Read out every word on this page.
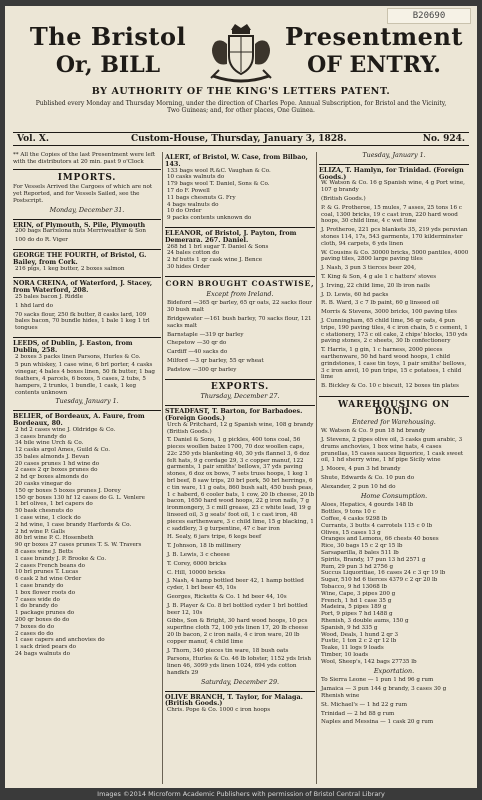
B20690
The Bristol	Presentment
Or, BILL	OF ENTRY.
BY AUTHORITY OF THE KING'S LETTERS PATENT.
Published every Monday and Thursday Morning, under the direction of Charles Pope. Annual Subscription, for Bristol and the Vicinity, Two Guineas; and, for other places, One Guinea.
Vol. X.	Custom-House, Thursday, January 3, 1828.	No. 924.
** All the Copies of the last Presentment were left with the distributors at 20 min. past 9 o'Clock
IMPORTS.
For Vessels Arrived the Cargoes of which are not yet Reported, and for Vessels Sailed, see the Postscript.
Monday, December 31.
ERIN, of Plymouth, S. Pile, Plymouth
200 bags Barcelona nuts Merriweather & Son
100 do do R. Viger
GEORGE THE FOURTH, of Bristol, G. Bailey, from Cork.
216 pigs, 1 keg butter, 2 boxes salmon
NORA CREINA, of Waterford, J. Stacey, from Waterford, 208.
25 bales bacon J. Riddle
1 hhd lard do
70 sacks flour, 250 fk butter, 8 casks lard, 109 bales bacon, 70 bundle hides, 1 bale 1 keg 1 trl tongues
LEEDS, of Dublin, J. Easton, from Dublin, 258.
2 boxes 3 packs linen Parsons, Hurles & Co.
5 pun whiskey, 1 case wine, 6 brl porter, 4 casks vinegar, 4 bales 4 boxes linen, 50 fk butter, 1 bag feathers, 4 parcels, 6 boxes, 5 cases, 2 tubs, 5 hampers, 2 trunks, 1 bundle, 1 cask, 1 keg contents unknown
Tuesday, January 1.
BELIER, of Bordeaux, A. Faure, from Bordeaux, 80.
2 hd 2 cases wine J. Oldridge & Co.
3 cases brandy do
34 bile wine Urch & Co.
12 casks argol Ames, Guild & Co.
35 bales almonds J. Bevan
20 cases prunes 1 hd wine do
2 cases 2 qr boxes prunes do
2 hd qr boxes almonds do
20 casks vinegar do
150 qr boxes 5 boxes prunes J. Dorey
150 qr boxes 130 hf 12 cases do G. L. Venlere
1 brl olives, 1 brl capers do
50 bask chesnuts do
1 case wine, 1 clock do
2 hd wine, 1 case brandy Harfords & Co.
2 hd wine P. Galls
80 brl wine P. C. Hosenbeth
90 qr boxes 27 cases prunes T. S. W. Travers
8 cases wine J. Betts
1 case brandy J. P. Brooke & Co.
2 cases French beans do
10 brl prunes T. Lucas
6 cask 2 hd wine Order
1 case brandy do
1 box flower roots do
7 cases wide do
1 do brandy do
1 package prunes do
200 qr boxes do do
7 boxes do do
2 cases do do
1 case capers and anchovies do
1 sack dried pears do
24 bags walnuts do
ALERT, of Bristol, W. Case, from Bilbao, 143.
133 bags wool R.&C. Vaughan & Co.
10 casks walnuts do
179 bags wool T. Daniel, Sons & Co.
17 do F. Powell
11 bags chesnuts G. Fry
4 bags walnuts do
10 do Order
9 packs contents unknown do
ELEANOR, of Bristol, J. Payton, from Demerara. 267. Daniel.
268 hd 1 brl sugar T. Daniel & Sons
24 bales cotton do
2 hf butts 1 qr cask wine J. Bence
30 hides Order
CORN BROUGHT COASTWISE,
Except from Ireland.
Bideford —365 qr barley, 65 qr oats, 22 sacks flour 30 bush malt
Bridgewater —161 bush barley, 70 sacks flour, 121 sacks malt
Barnstaple —319 qr barley
Chepstow —30 qr do
Cardiff —40 sacks do
Milford —3 qr barley, 55 qr wheat
Padstow —300 qr barley
EXPORTS.
Thursday, December 27.
STEADFAST, T. Barton, for Barbadoes. (Foreign Goods.)
Urch & Pritchard, 12 g Spanish wine, 108 g brandy (British Goods.)
T. Daniel & Sons, 1 g pickles, 400 tons coal, 56 pieces woollen baize 1700, 70 doz woollen caps, 22c 250 yds blanketing 40, 30 yds flannel 3, 6 doz felt hats, 9 g cordage 29, 3 c copper manuf, 122 garments, 1 pair smiths' bellows, 37 yds paving stones, 6 doz ox bows, 7 sets truss hoops, 1 keg 1 brl beef, 8 saw trips, 20 brl pork, 50 brl herrings, 6 c tin ware, 11 g oats, 860 bush salt, 450 bush peas, 1 c haberd, 6 cooler bats, 1 cow, 20 lb cheese, 20 lb bacon, 1650 hard wood hoops, 22 g iron nails, 7 g ironmongery, 3 c mill grease, 23 c white lead, 19 g linseed oil, 3 g seats' foot oil, 1 c cast iron, 48 pieces earthenware, 3 c child lime, 15 g blacking, 1 c saddlery, 3 g turpentine, 47 c bar iron
H. Sealy, 6 jars tripe, 6 kegs beef
T. Johnson, 18 lb millinery
J. B. Lewis, 3 c cheese
T. Corey, 6000 bricks
C. Hill, 10000 bricks
J. Nash, 4 hamp bottled beer 42, 1 hamp bottled cyder, 1 brl beer 45, 10s
Georges, Ricketts & Co. 1 hd beer 44, 10s
J. B. Player & Co. 8 brl bottled cyder 1 brl bottled beer 12, 10s
Gibbs, Son & Bright, 30 hard wood hoops, 10 pcs superfine cloth 72, 100 yds linen 17, 20 lb cheese 20 lb bacon, 2 c iron nails, 4 c iron ware, 20 lb copper manuf, 4 child lime
J. Thorn, 340 pieces tin ware, 18 bush oats
Parsons, Hurles & Co. 46 lb lobster, 1152 yds Irish linen 46, 3099 yds linen 1024, 694 yds cotton handkfs 29
Saturday, December 29.
OLIVE BRANCH, T. Taylor, for Malaga. (British Goods.)
Chris. Pope & Co. 1000 c iron hoops
Tuesday, January 1.
ELIZA, T. Hamlyn, for Trinidad. (Foreign Goods.)
W. Watson & Co. 16 g Spanish wine, 4 g Port wine, 107 g brandy
(British Goods.)
P. & G. Protheroe, 15 mules, 7 asses, 25 tons 16 c coal, 1300 bricks, 19 c cast iron, 220 hard wood hoops, 30 child lime, 4 c wet lime
J. Protheroe, 221 pcs blankets 35, 219 yds peruvian stones 114, 17s, 543 garments, 170 kilderminster cloth, 94 carpets, 6 yds linen
W. Cousins & Co. 30000 bricks, 5000 pantiles, 4000 paving tiles, 2800 large paving tiles
J. Nash, 3 pun 3 tierces beer 204,
T. King & Son, 4 g ale 1 c hatters' stoves
J. Irving, 22 child lime, 20 lb iron nails
J. D. Lewis, 60 hd packs
R. B. Ward, 3 c 7 lb paint, 60 g linseed oil
Morris & Stevens, 3000 bricks, 100 paving tiles
J. Cunningham, 65 child lime, 56 qr oats, 4 pun tripe, 190 paving tiles, 4 c iron chain, 5 c cement, 1 c stationery, 173 c oil cake, 2 chips' blocks, 150 yds paving stones, 2 c sheets, 30 lb confectionery
T. Harris, 1 g gin, 1 c harness, 2000 pieces earthenware, 50 hd hard wood hoops, 1 child grindstones, 1 case tin toys, 1 pair smiths' bellows, 3 c iron anvil, 10 pun tripe, 15 c potatoes, 1 child lime
B. Bickley & Co. 10 c biscuit, 12 boxes tin plates
WAREHOUSING ON BOND.
Entered for Warehousing.
W. Watson & Co. 9 pun 18 hd brandy
J. Stevens, 2 pipes olive oil, 3 casks gum arabic, 3 drums anchovies, 1 box wine hats, 4 cases prunellas, 15 cases sauces liquorice, 1 cask sweet oil, 1 hd sherry wine, 1 hf pipe Sicily wine
J. Moore, 4 pun 3 hd brandy
Shute, Edwards & Co. 10 pun do
Alexander, 2 pun 10 hd do
Home Consumption.
Aloes, Hepatics, 4 gourds 148 lb
Bottles, 9 tons 10 c
Coffee, 4 casks 9298 lb
Currants, 3 butts 4 carrotels 115 c 0 lb
Olives, 15 cases 13 g
Oranges and Lemons, 66 chests 40 boxes
Rice, 30 bags 15 c 2 qr 15 lb
Sarsaparilla, 8 bales 511 lb
Spirits, Brandy, 17 pun 13 hd 2571 g
Rum, 29 pun 3 hd 2756 g
Succus Liquoritiae, 16 cases 24 c 3 qr 19 lb
Sugar, 510 hd 6 tierces 4379 c 2 qr 20 lb
Tobacco, 9 hd 13068 lb
Wine, Cape, 3 pipes 200 g
French, 1 hd 1 case 35 g
Madeira, 5 pipes 189 g
Port, 9 pipes 7 hd 1488 g
Rhenish, 3 double aums, 150 g
Spanish, 9 hd 335 g
Wood, Deals, 1 hund 2 qr 3
Fustic, 1 ton 2 c 2 qr 12 lb
Teake, 11 logs 9 loads
Timber, 10 loads
Wool, Sheep's, 142 bags 27735 lb
Exportation.
To Sierra Leone — 1 pun 1 hd 96 g rum
Jamaica — 3 pun 144 g brandy, 3 cases 30 g Rhenish wine
St. Michael's — 1 hd 22 g rum
Trinidad — 2 hd 88 g rum
Naples and Messina — 1 cask 20 g rum
Images ©2014 Microform Academic Publishers with permission of Bristol Central Library
